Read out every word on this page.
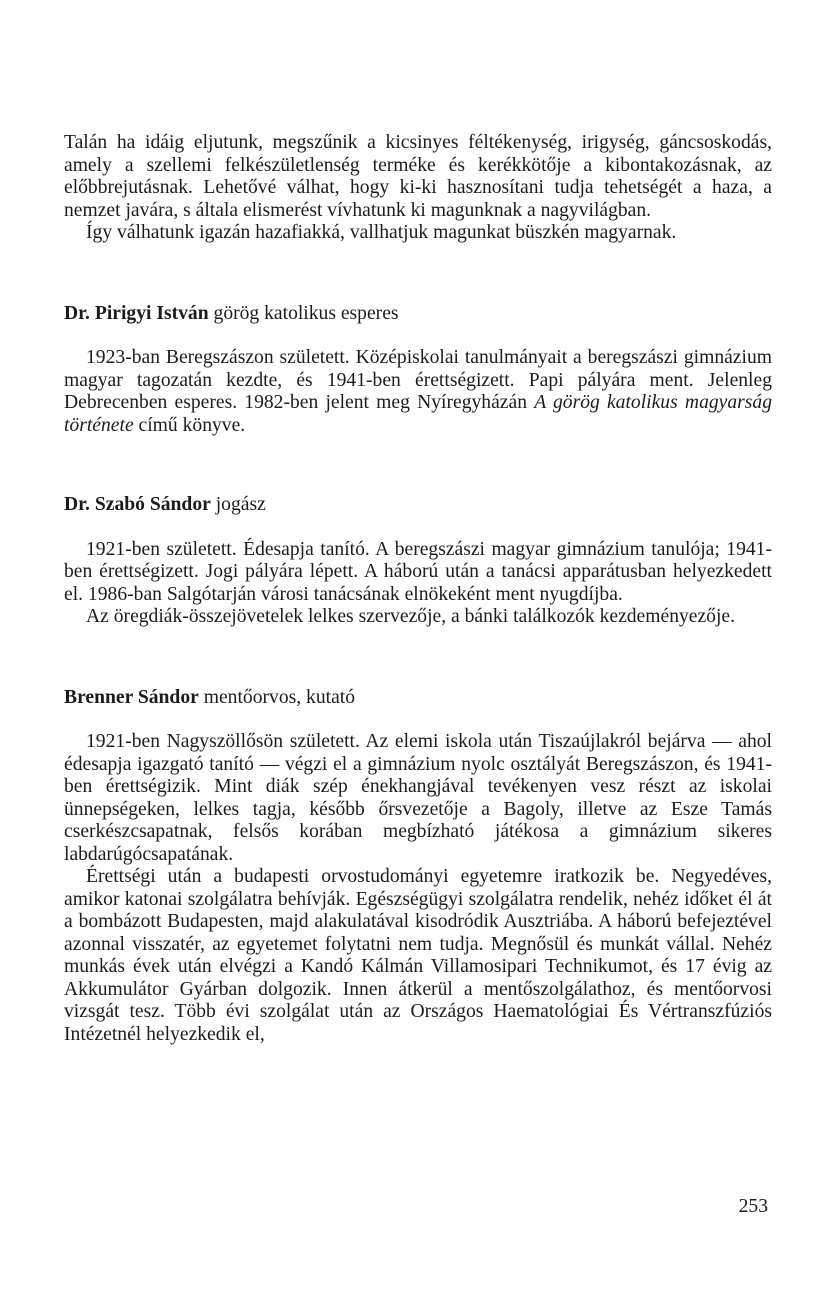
Talán ha idáig eljutunk, megszűnik a kicsinyes féltékenység, irigység, gáncsoskodás, amely a szellemi felkészületlenség terméke és kerékkötője a kibontakozásnak, az előbbrejutásnak. Lehetővé válhat, hogy ki-ki hasznosítani tudja tehetségét a haza, a nemzet javára, s általa elismerést vívhatunk ki magunknak a nagyvilágban.

Így válhatunk igazán hazafiakká, vallhatjuk magunkat büszkén magyarnak.

Dr. Pirigyi István görög katolikus esperes

1923-ban Beregszászon született. Középiskolai tanulmányait a beregszászi gimnázium magyar tagozatán kezdte, és 1941-ben érettségizett. Papi pályára ment. Jelenleg Debrecenben esperes. 1982-ben jelent meg Nyíregyházán A görög katolikus magyarság története című könyve.

Dr. Szabó Sándor jogász

1921-ben született. Édesapja tanító. A beregszászi magyar gimnázium tanulója; 1941-ben érettségizett. Jogi pályára lépett. A háború után a tanácsi apparátusban helyezkedett el. 1986-ban Salgótarján városi tanácsának elnökeként ment nyugdíjba.

Az öregdiák-összejövetelek lelkes szervezője, a bánki találkozók kezdeményezője.

Brenner Sándor mentőorvos, kutató

1921-ben Nagyszöllősön született. Az elemi iskola után Tiszaújlakról bejárva — ahol édesapja igazgató tanító — végzi el a gimnázium nyolc osztályát Beregszászon, és 1941-ben érettségizik. Mint diák szép énekhangjával tevékenyen vesz részt az iskolai ünnepségeken, lelkes tagja, később őrsvezetője a Bagoly, illetve az Esze Tamás cserkészcsapatnak, felsős korában megbízható játékosa a gimnázium sikeres labdarúgócsapatának.

Érettségi után a budapesti orvostudományi egyetemre iratkozik be. Negyedéves, amikor katonai szolgálatra behívják. Egészségügyi szolgálatra rendelik, nehéz időket él át a bombázott Budapesten, majd alakulatával kisodródik Ausztriába. A háború befejeztével azonnal visszatér, az egyetemet folytatni nem tudja. Megnősül és munkát vállal. Nehéz munkás évek után elvégzi a Kandó Kálmán Villamosipari Technikumot, és 17 évig az Akkumulátor Gyárban dolgozik. Innen átkerül a mentőszolgálathoz, és mentőorvosi vizsgát tesz. Több évi szolgálat után az Országos Haematológiai És Vértranszfúziós Intézetnél helyezkedik el,

253
